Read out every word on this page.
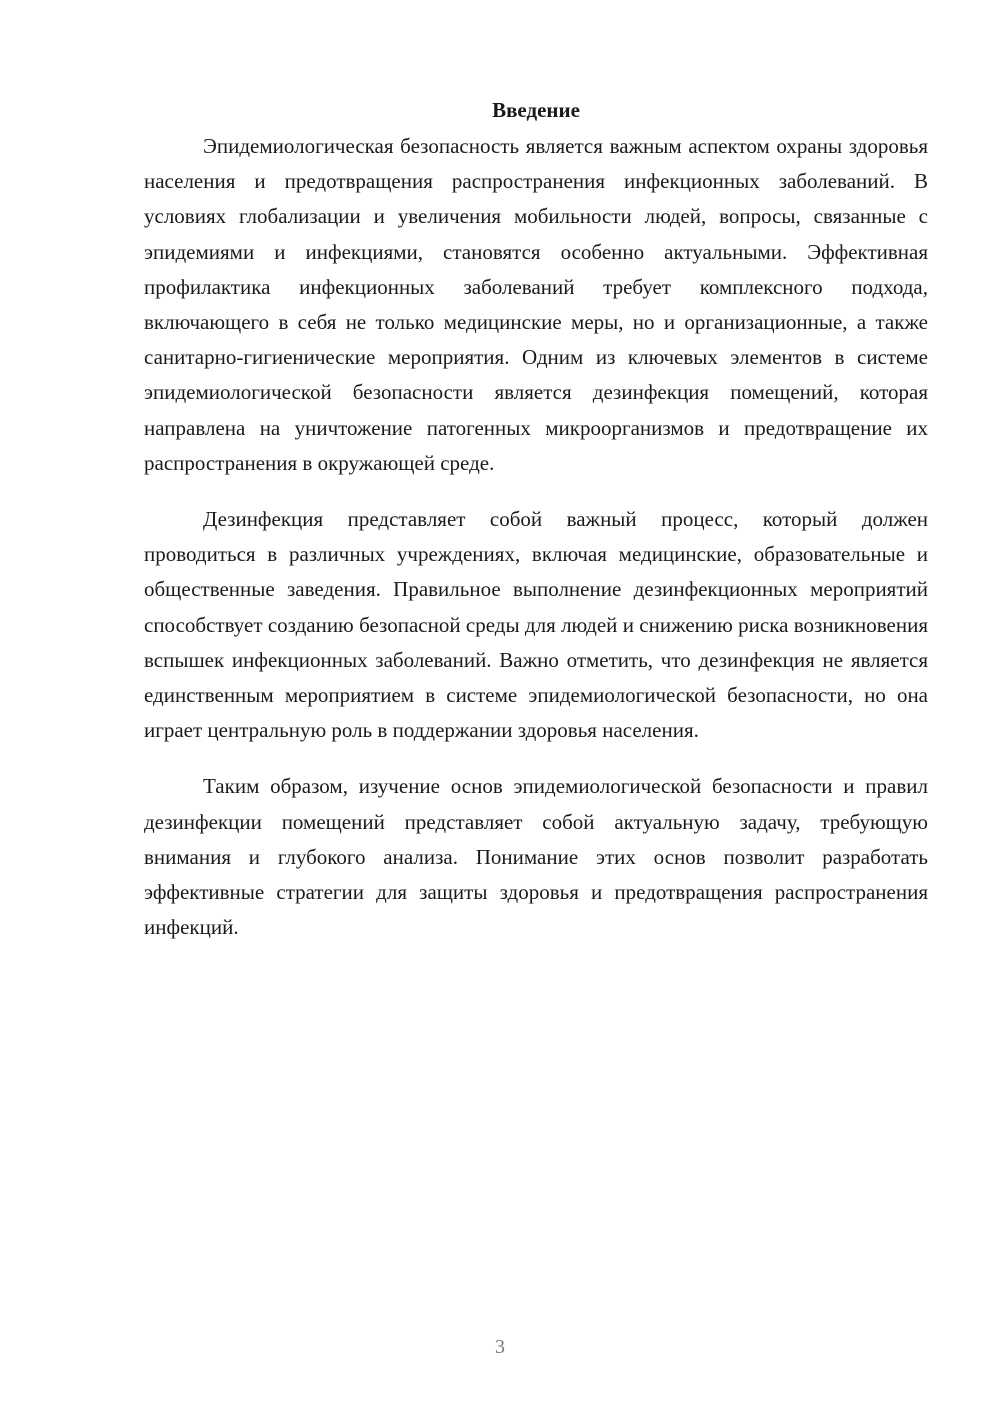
Введение

Эпидемиологическая безопасность является важным аспектом охраны здоровья населения и предотвращения распространения инфекционных заболеваний. В условиях глобализации и увеличения мобильности людей, вопросы, связанные с эпидемиями и инфекциями, становятся особенно актуальными. Эффективная профилактика инфекционных заболеваний требует комплексного подхода, включающего в себя не только медицинские меры, но и организационные, а также санитарно-гигиенические мероприятия. Одним из ключевых элементов в системе эпидемиологической безопасности является дезинфекция помещений, которая направлена на уничтожение патогенных микроорганизмов и предотвращение их распространения в окружающей среде.

Дезинфекция представляет собой важный процесс, который должен проводиться в различных учреждениях, включая медицинские, образовательные и общественные заведения. Правильное выполнение дезинфекционных мероприятий способствует созданию безопасной среды для людей и снижению риска возникновения вспышек инфекционных заболеваний. Важно отметить, что дезинфекция не является единственным мероприятием в системе эпидемиологической безопасности, но она играет центральную роль в поддержании здоровья населения.

Таким образом, изучение основ эпидемиологической безопасности и правил дезинфекции помещений представляет собой актуальную задачу, требующую внимания и глубокого анализа. Понимание этих основ позволит разработать эффективные стратегии для защиты здоровья и предотвращения распространения инфекций.

3
